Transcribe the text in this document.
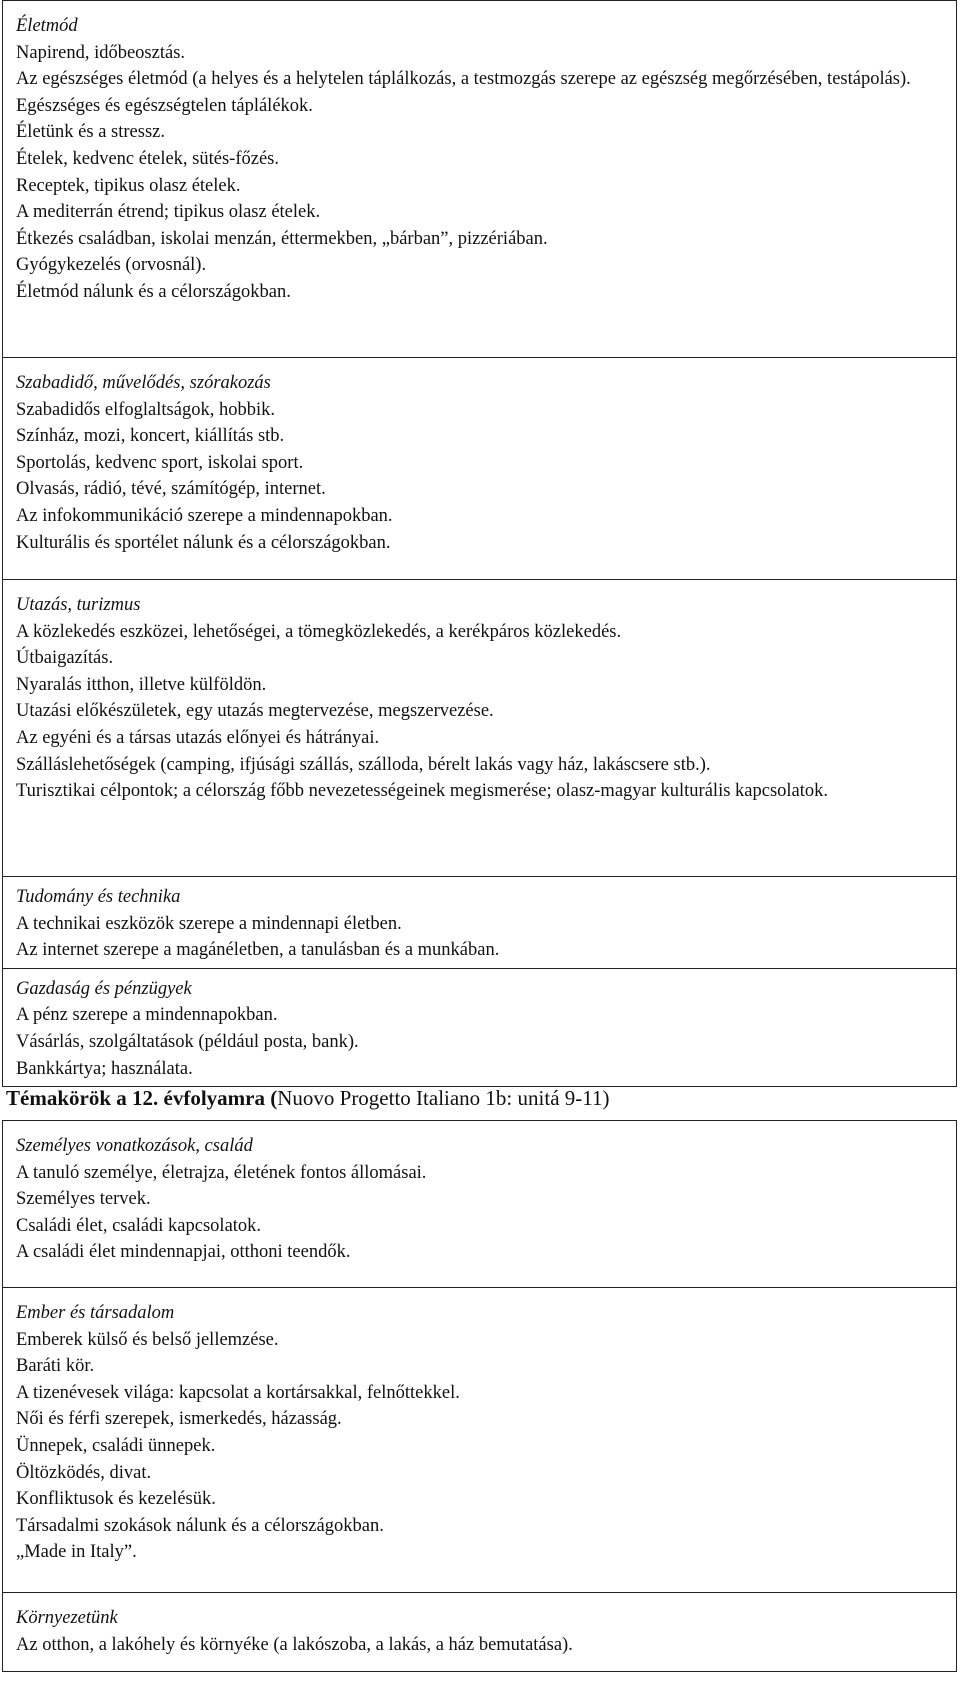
Életmód
Napirend, időbeosztás.
Az egészséges életmód (a helyes és a helytelen táplálkozás, a testmozgás szerepe az egészség megőrzésében, testápolás).
Egészséges és egészségtelen táplálékok.
Életünk és a stressz.
Ételek, kedvenc ételek, sütés-főzés.
Receptek, tipikus olasz ételek.
A mediterrán étrend; tipikus olasz ételek.
Étkezés családban, iskolai menzán, éttermekben, „bárban”, pizzériában.
Gyógykezelés (orvosnál).
Életmód nálunk és a célországokban.

Szabadidő, művelődés, szórakozás
Szabadidős elfoglaltságok, hobbik.
Színház, mozi, koncert, kiállítás stb.
Sportolás, kedvenc sport, iskolai sport.
Olvasás, rádió, tévé, számítógép, internet.
Az infokommunikáció szerepe a mindennapokban.
Kulturális és sportélet nálunk és a célországokban.

Utazás, turizmus
A közlekedés eszközei, lehetőségei, a tömegközlekedés, a kerékpáros közlekedés.
Útbaigazítás.
Nyaralás itthon, illetve külföldön.
Utazási előkészületek, egy utazás megtervezése, megszervezése.
Az egyéni és a társas utazás előnyei és hátrányai.
Szálláslehetőségek (camping, ifjúsági szállás, szálloda, bérelt lakás vagy ház, lakáscsere stb.).
Turisztikai célpontok; a célország főbb nevezetességeinek megismerése; olasz-magyar kulturális kapcsolatok.

Tudomány és technika
A technikai eszközök szerepe a mindennapi életben.
Az internet szerepe a magánéletben, a tanulásban és a munkában.

Gazdaság és pénzügyek
A pénz szerepe a mindennapokban.
Vásárlás, szolgáltatások (például posta, bank).
Bankkártya; használata.
Témakörök a 12. évfolyamra (Nuovo Progetto Italiano 1b: unitá 9-11)
Személyes vonatkozások, család
A tanuló személye, életrajza, életének fontos állomásai.
Személyes tervek.
Családi élet, családi kapcsolatok.
A családi élet mindennapjai, otthoni teendők.

Ember és társadalom
Emberek külső és belső jellemzése.
Baráti kör.
A tizenévesek világa: kapcsolat a kortársakkal, felnőttekkel.
Női és férfi szerepek, ismerkedés, házasság.
Ünnepek, családi ünnepek.
Öltözködés, divat.
Konfliktusok és kezelésük.
Társadalmi szokások nálunk és a célországokban.
„Made in Italy”.

Környezetünk
Az otthon, a lakóhely és környéke (a lakószoba, a lakás, a ház bemutatása).
